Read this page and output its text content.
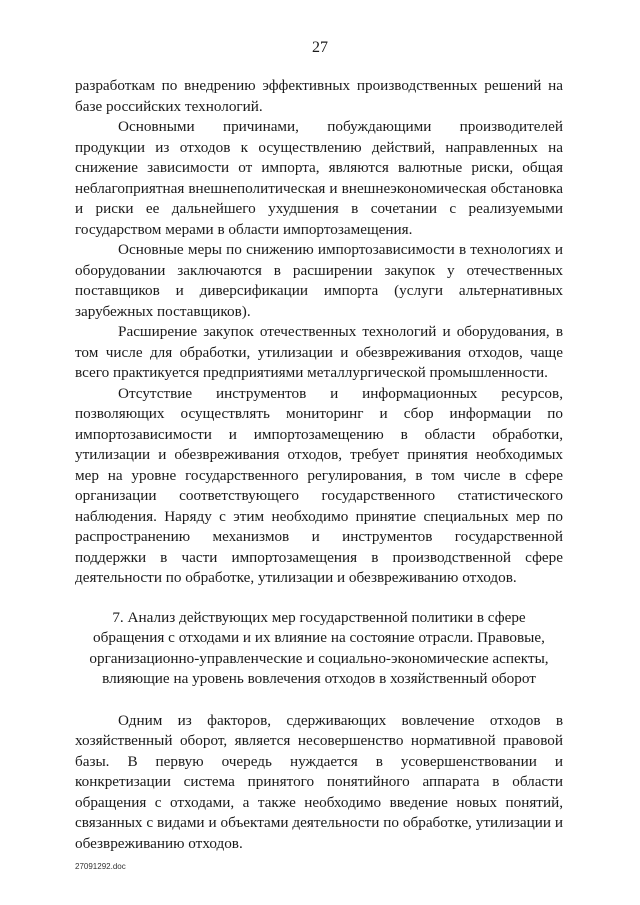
27

разработкам по внедрению эффективных производственных решений на базе российских технологий.

Основными причинами, побуждающими производителей продукции из отходов к осуществлению действий, направленных на снижение зависимости от импорта, являются валютные риски, общая неблагоприятная внешнеполитическая и внешнеэкономическая обстановка и риски ее дальнейшего ухудшения в сочетании с реализуемыми государством мерами в области импортозамещения.

Основные меры по снижению импортозависимости в технологиях и оборудовании заключаются в расширении закупок у отечественных поставщиков и диверсификации импорта (услуги альтернативных зарубежных поставщиков).

Расширение закупок отечественных технологий и оборудования, в том числе для обработки, утилизации и обезвреживания отходов, чаще всего практикуется предприятиями металлургической промышленности.

Отсутствие инструментов и информационных ресурсов, позволяющих осуществлять мониторинг и сбор информации по импортозависимости и импортозамещению в области обработки, утилизации и обезвреживания отходов, требует принятия необходимых мер на уровне государственного регулирования, в том числе в сфере организации соответствующего государственного статистического наблюдения. Наряду с этим необходимо принятие специальных мер по распространению механизмов и инструментов государственной поддержки в части импортозамещения в производственной сфере деятельности по обработке, утилизации и обезвреживанию отходов.

7. Анализ действующих мер государственной политики в сфере обращения с отходами и их влияние на состояние отрасли. Правовые, организационно-управленческие и социально-экономические аспекты, влияющие на уровень вовлечения отходов в хозяйственный оборот

Одним из факторов, сдерживающих вовлечение отходов в хозяйственный оборот, является несовершенство нормативной правовой базы. В первую очередь нуждается в усовершенствовании и конкретизации система принятого понятийного аппарата в области обращения с отходами, а также необходимо введение новых понятий, связанных с видами и объектами деятельности по обработке, утилизации и обезвреживанию отходов.

27091292.doc
